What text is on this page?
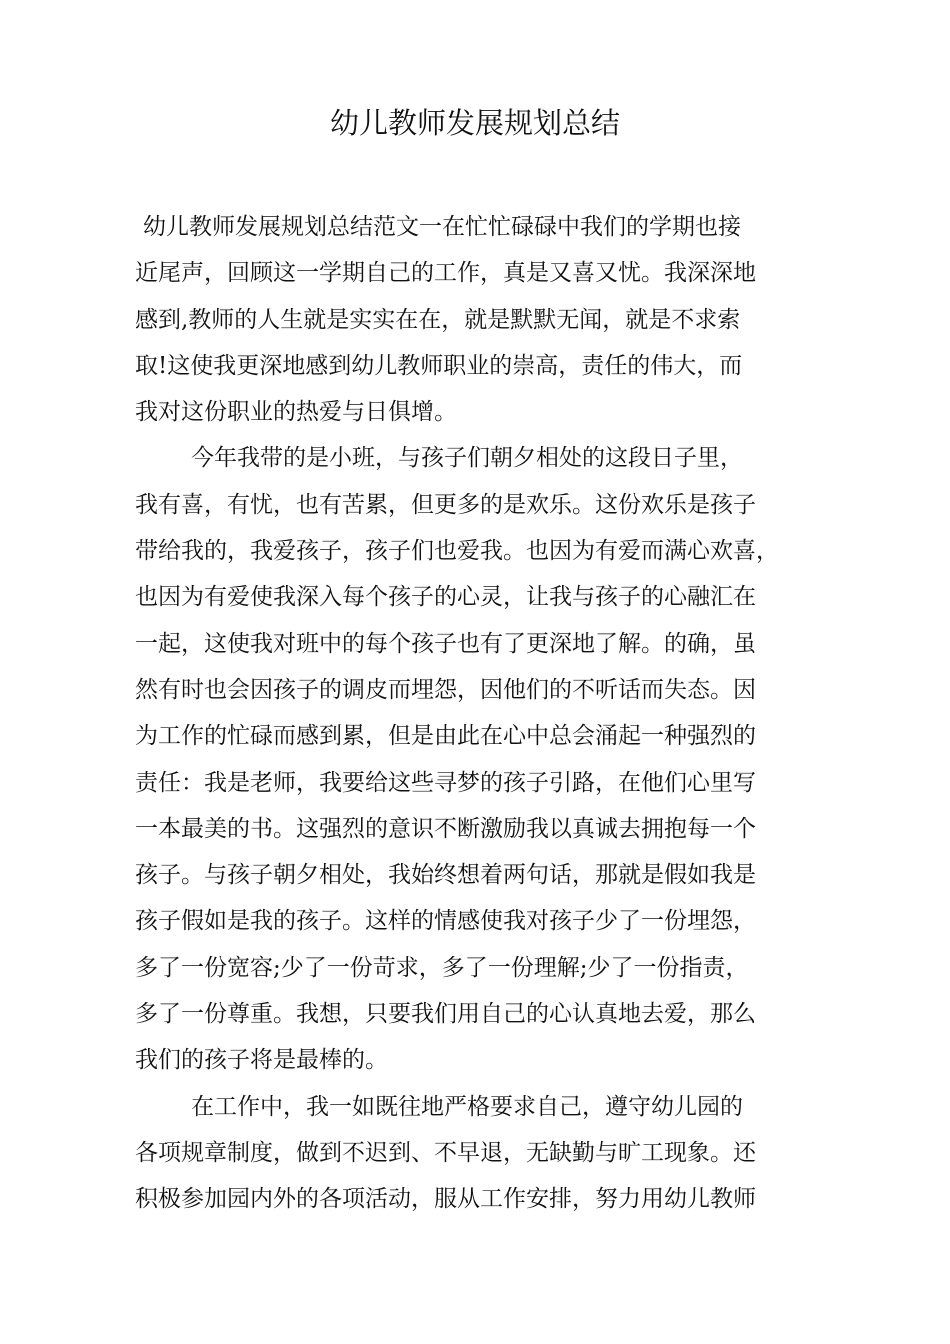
幼儿教师发展规划总结
幼儿教师发展规划总结范文一在忙忙碌碌中我们的学期也接
近尾声，回顾这一学期自己的工作，真是又喜又忧。我深深地
感到,教师的人生就是实实在在，就是默默无闻，就是不求索
取!这使我更深地感到幼儿教师职业的崇高，责任的伟大，而
我对这份职业的热爱与日俱增。
今年我带的是小班，与孩子们朝夕相处的这段日子里，
我有喜，有忧，也有苦累，但更多的是欢乐。这份欢乐是孩子
带给我的，我爱孩子，孩子们也爱我。也因为有爱而满心欢喜，
也因为有爱使我深入每个孩子的心灵，让我与孩子的心融汇在
一起，这使我对班中的每个孩子也有了更深地了解。的确，虽
然有时也会因孩子的调皮而埋怨，因他们的不听话而失态。因
为工作的忙碌而感到累，但是由此在心中总会涌起一种强烈的
责任：我是老师，我要给这些寻梦的孩子引路，在他们心里写
一本最美的书。这强烈的意识不断激励我以真诚去拥抱每一个
孩子。与孩子朝夕相处，我始终想着两句话，那就是假如我是
孩子假如是我的孩子。这样的情感使我对孩子少了一份埋怨，
多了一份宽容;少了一份苛求，多了一份理解;少了一份指责，
多了一份尊重。我想，只要我们用自己的心认真地去爱，那么
我们的孩子将是最棒的。
在工作中，我一如既往地严格要求自己，遵守幼儿园的
各项规章制度，做到不迟到、不早退，无缺勤与旷工现象。还
积极参加园内外的各项活动，服从工作安排，努力用幼儿教师
